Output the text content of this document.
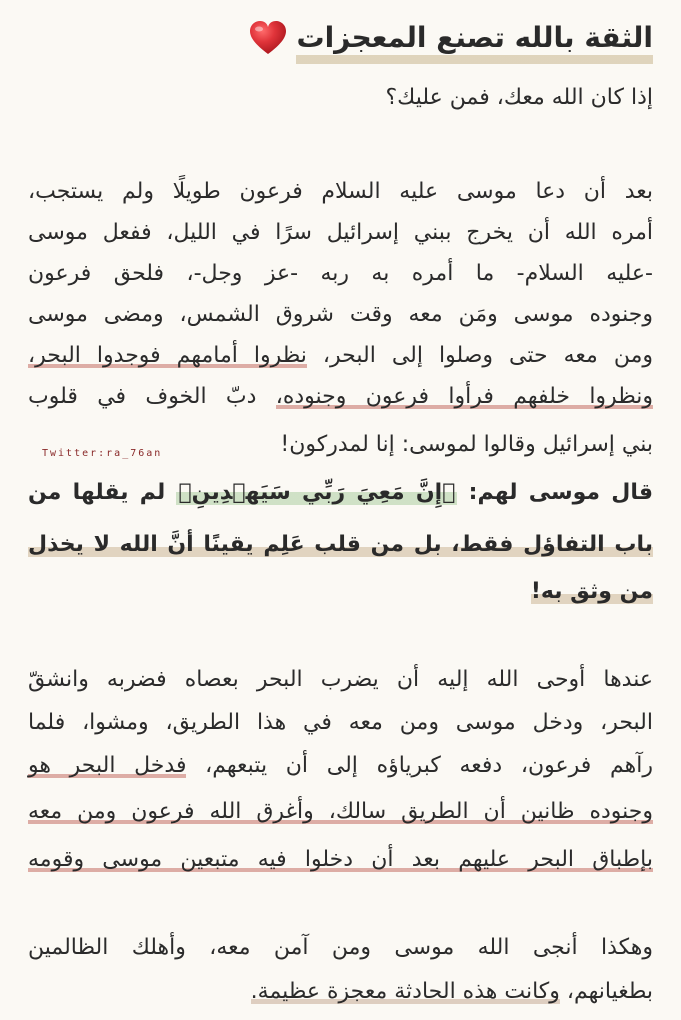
الثقة بالله تصنع المعجزات
إذا كان الله معك، فمن عليك؟
بعد أن دعا موسى عليه السلام فرعون طويلًا ولم يستجب،
أمره الله أن يخرج ببني إسرائيل سرًا في الليل، ففعل موسى
-عليه السلام- ما أمره به ربه -عز وجل-، فلحق فرعون
وجنوده موسى ومَن معه وقت شروق الشمس، ومضى موسى
ومن معه حتى وصلوا إلى البحر، نظروا أمامهم فوجدوا البحر،
ونظروا خلفهم فرأوا فرعون وجنوده، دبّ الخوف في قلوب
بني إسرائيل وقالوا لموسى: إنا لمدركون!
Twitter:ra_76an
قال موسى لهم: ﴿إِنَّ مَعِيَ رَبِّي سَيَهۡدِينِ﴾ لم يقلها من
باب التفاؤل فقط، بل من قلب عَلِم يقينًا أنَّ الله لا يخذل
من وثق به!
عندها أوحى الله إليه أن يضرب البحر بعصاه فضربه وانشقّ
البحر، ودخل موسى ومن معه في هذا الطريق، ومشوا، فلما
رآهم فرعون، دفعه كبرياؤه إلى أن يتبعهم، فدخل البحر هو
وجنوده ظانين أن الطريق سالك، وأغرق الله فرعون ومن معه
بإطباق البحر عليهم بعد أن دخلوا فيه متبعين موسى وقومه
وهكذا أنجى الله موسى ومن آمن معه، وأهلك الظالمين
بطغيانهم، وكانت هذه الحادثة معجزة عظيمة.
